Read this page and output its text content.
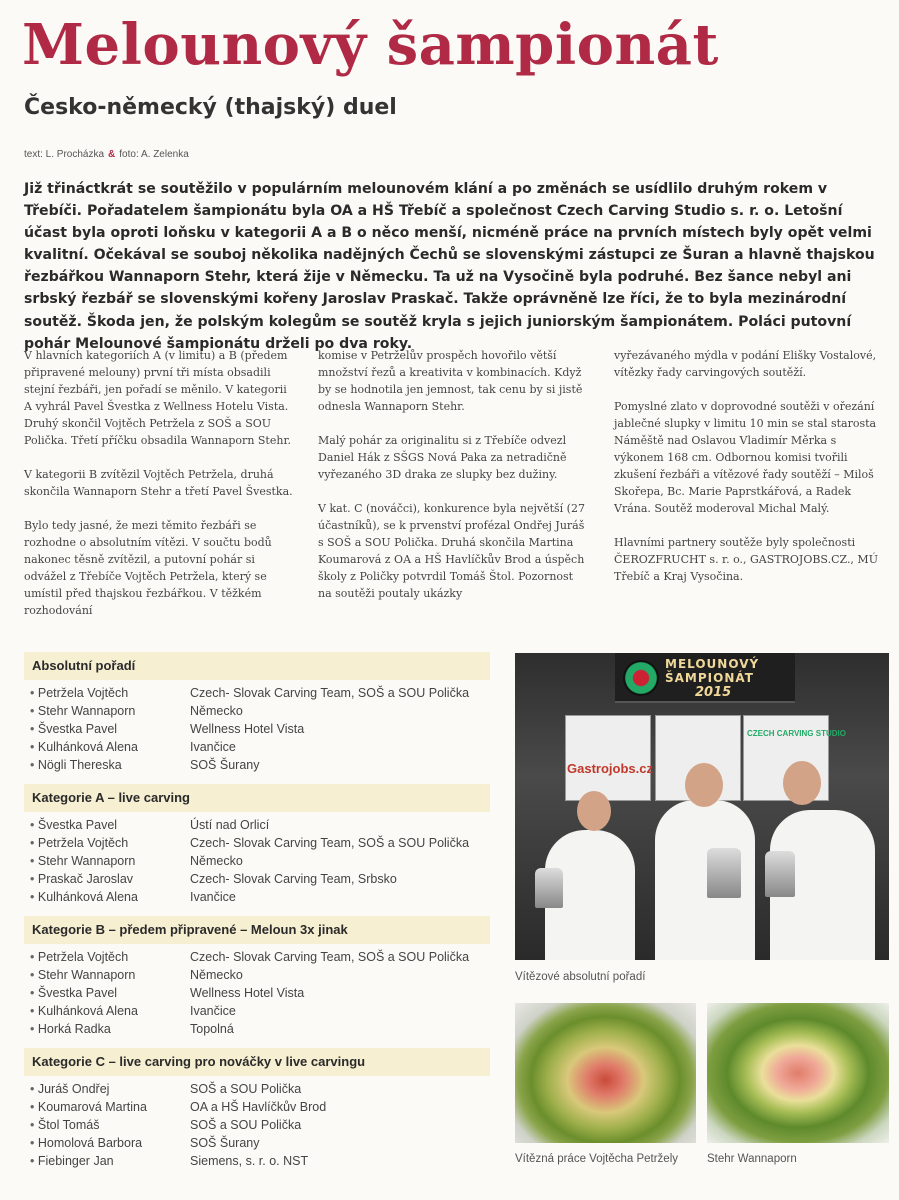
Melounový šampionát
Česko-německý (thajský) duel
text: L. Procházka & foto: A. Zelenka

Již třináctkrát se soutěžilo v populárním melounovém klání a po změnách se usídlilo druhým rokem v Třebíči. Pořadatelem šampionátu byla OA a HŠ Třebíč a společnost Czech Carving Studio s. r. o. Letošní účast byla oproti loňsku v kategorii A a B o něco menší, nicméně práce na prvních místech byly opět velmi kvalitní. Očekával se souboj několika nadějných Čechů se slovenskými zástupci ze Šuran a hlavně thajskou řezbářkou Wannaporn Stehr, která žije v Německu. Ta už na Vysočině byla podruhé. Bez šance nebyl ani srbský řezbář se slovenskými kořeny Jaroslav Praskač. Takže oprávněně lze říci, že to byla mezinárodní soutěž. Škoda jen, že polským kolegům se soutěž kryla s jejich juniorským šampionátem. Poláci putovní pohár Melounové šampionátu drželi po dva roky.

V hlavních kategoriích A (v limitu) a B (předem připravené melouny) první tři místa obsadili stejní řezbáři, jen pořadí se měnilo. V kategorii A vyhrál Pavel Švestka z Wellness Hotelu Vista. Druhý skončil Vojtěch Petržela z SOŠ a SOU Polička. Třetí příčku obsadila Wannaporn Stehr.

V kategorii B zvítězil Vojtěch Petržela, druhá skončila Wannaporn Stehr a třetí Pavel Švestka.

Bylo tedy jasné, že mezi těmito řezbáři se rozhodne o absolutním vítězi. V součtu bodů nakonec těsně zvítězil, a putovní pohár si odvážel z Třebíče Vojtěch Petržela, který se umístil před thajskou řezbářkou. V těžkém rozhodování

komise v Petrželův prospěch hovořilo větší množství řezů a kreativita v kombinacích. Když by se hodnotila jen jemnost, tak cenu by si jistě odnesla Wannaporn Stehr.

Malý pohár za originalitu si z Třebíče odvezl Daniel Hák z SŠGS Nová Paka za netradičně vyřezaného 3D draka ze slupky bez dužiny.

V kat. C (nováčci), konkurence byla největší (27 účastníků), se k prvenství profézal Ondřej Juráš s SOŠ a SOU Polička. Druhá skončila Martina Koumarová z OA a HŠ Havlíčkův Brod a úspěch školy z Poličky potvrdil Tomáš Štol. Pozornost na soutěži poutaly ukázky

vyřezávaného mýdla v podání Elišky Vostalové, vítězky řady carvingových soutěží.

Pomyslné zlato v doprovodné soutěži v ořezání jablečné slupky v limitu 10 min se stal starosta Náměště nad Oslavou Vladimír Měrka s výkonem 168 cm. Odbornou komisi tvořili zkušení řezbáři a vítězové řady soutěží – Miloš Skořepa, Bc. Marie Paprstkářová, a Radek Vrána. Soutěž moderoval Michal Malý.

Hlavními partnery soutěže byly společnosti ČEROZFRUCHT s. r. o., GASTROJOBS.CZ., MÚ Třebíč a Kraj Vysočina.

Absolutní pořadí
• Petržela Vojtěch	Czech- Slovak Carving Team, SOŠ a SOU Polička
• Stehr Wannaporn	Německo
• Švestka Pavel	Wellness Hotel Vista
• Kulhánková Alena	Ivančice
• Nögli Thereska	SOŠ Šurany
Kategorie A – live carving
• Švestka Pavel	Ústí nad Orlicí
• Petržela Vojtěch	Czech- Slovak Carving Team, SOŠ a SOU Polička
• Stehr Wannaporn	Německo
• Praskač Jaroslav	Czech- Slovak Carving Team, Srbsko
• Kulhánková Alena	Ivančice
Kategorie B – předem připravené – Meloun 3x jinak
• Petržela Vojtěch	Czech- Slovak Carving Team, SOŠ a SOU Polička
• Stehr Wannaporn	Německo
• Švestka Pavel	Wellness Hotel Vista
• Kulhánková Alena	Ivančice
• Horká Radka	Topolná
Kategorie C – live carving pro nováčky v live carvingu
• Juráš Ondřej	SOŠ a SOU Polička
• Koumarová Martina	OA a HŠ Havlíčkův Brod
• Štol Tomáš	SOŠ a SOU Polička
• Homolová Barbora	SOŠ Šurany
• Fiebinger Jan	Siemens, s. r. o. NST
MELOUNOVÝ
ŠAMPIONÁT
2015
Gastrojobs.cz
CZECH CARVING STUDIO
Vítězové absolutní pořadí
Vítězná práce Vojtěcha Petržely	Stehr Wannaporn
